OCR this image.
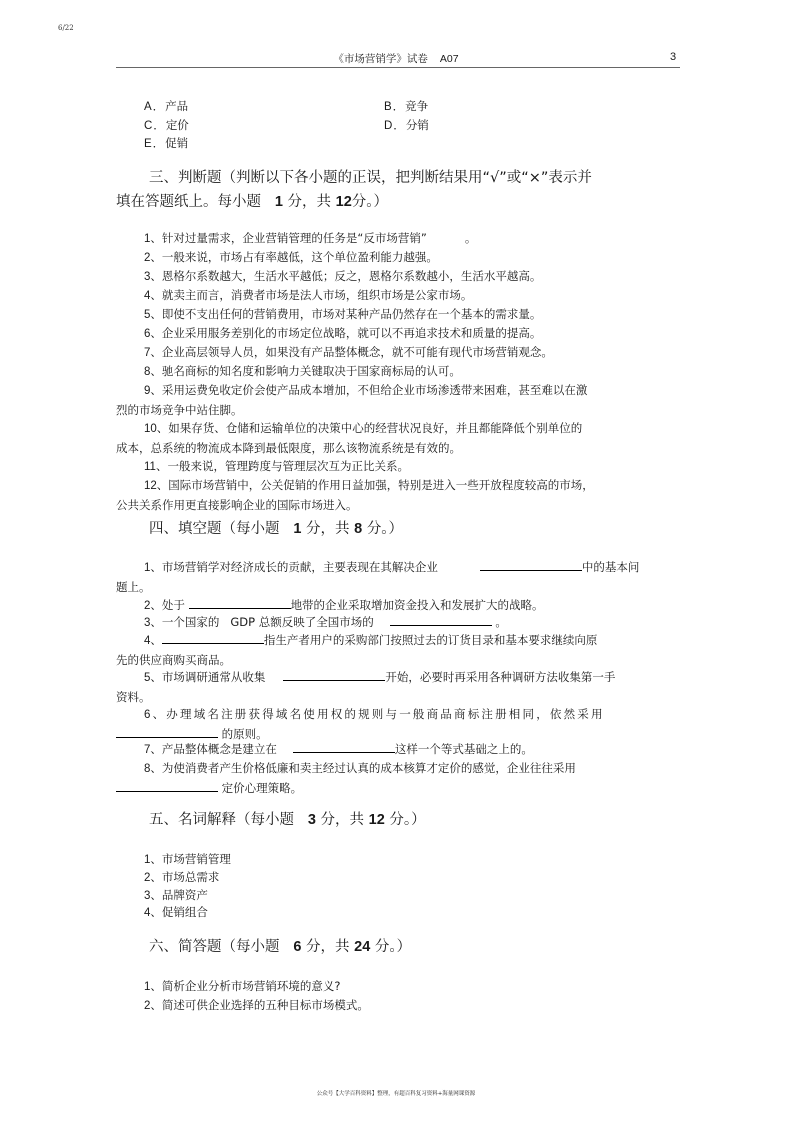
6/22
《市场营销学》试卷 A07	3
A．产品	B．竞争
C．定价	D．分销
E．促销
三、判断题（判断以下各小题的正误，把判断结果用“√”或“×”表示并
填在答题纸上。每小题 1 分，共 12分。）
1、针对过量需求，企业营销管理的任务是“反市场营销”	。
2、一般来说，市场占有率越低，这个单位盈利能力越强。
3、恩格尔系数越大，生活水平越低；反之，恩格尔系数越小，生活水平越高。
4、就卖主而言，消费者市场是法人市场，组织市场是公家市场。
5、即使不支出任何的营销费用，市场对某种产品仍然存在一个基本的需求量。
6、企业采用服务差别化的市场定位战略，就可以不再追求技术和质量的提高。
7、企业高层领导人员，如果没有产品整体概念，就不可能有现代市场营销观念。
8、驰名商标的知名度和影响力关键取决于国家商标局的认可。
9、采用运费免收定价会使产品成本增加，不但给企业市场渗透带来困难，甚至难以在激
烈的市场竞争中站住脚。
10、如果存货、仓储和运输单位的决策中心的经营状况良好，并且都能降低个别单位的
成本，总系统的物流成本降到最低限度，那么该物流系统是有效的。
11、一般来说，管理跨度与管理层次互为正比关系。
12、国际市场营销中，公关促销的作用日益加强，特别是进入一些开放程度较高的市场，
公共关系作用更直接影响企业的国际市场进入。
四、填空题（每小题 1 分，共 8 分。）
1、市场营销学对经济成长的贡献，主要表现在其解决企业	中的基本问
题上。
2、处于	地带的企业采取增加资金投入和发展扩大的战略。
3、一个国家的   GDP 总额反映了全国市场的	。
4、	指生产者用户的采购部门按照过去的订货目录和基本要求继续向原
先的供应商购买商品。
5、市场调研通常从收集	开始，必要时再采用各种调研方法收集第一手
资料。
6、办理域名注册获得域名使用权的规则与一般商品商标注册相同，依然采用
的原则。
7、产品整体概念是建立在	这样一个等式基础之上的。
8、为使消费者产生价格低廉和卖主经过认真的成本核算才定价的感觉，企业往往采用
定价心理策略。
五、名词解释（每小题 3 分，共 12 分。）
1、市场营销管理
2、市场总需求
3、品牌资产
4、促销组合
六、简答题（每小题 6 分，共 24 分。）
1、简析企业分析市场营销环境的意义?
2、简述可供企业选择的五种目标市场模式。
公众号【大学百科资料】整理，有超百科复习资料+海量网课资源
